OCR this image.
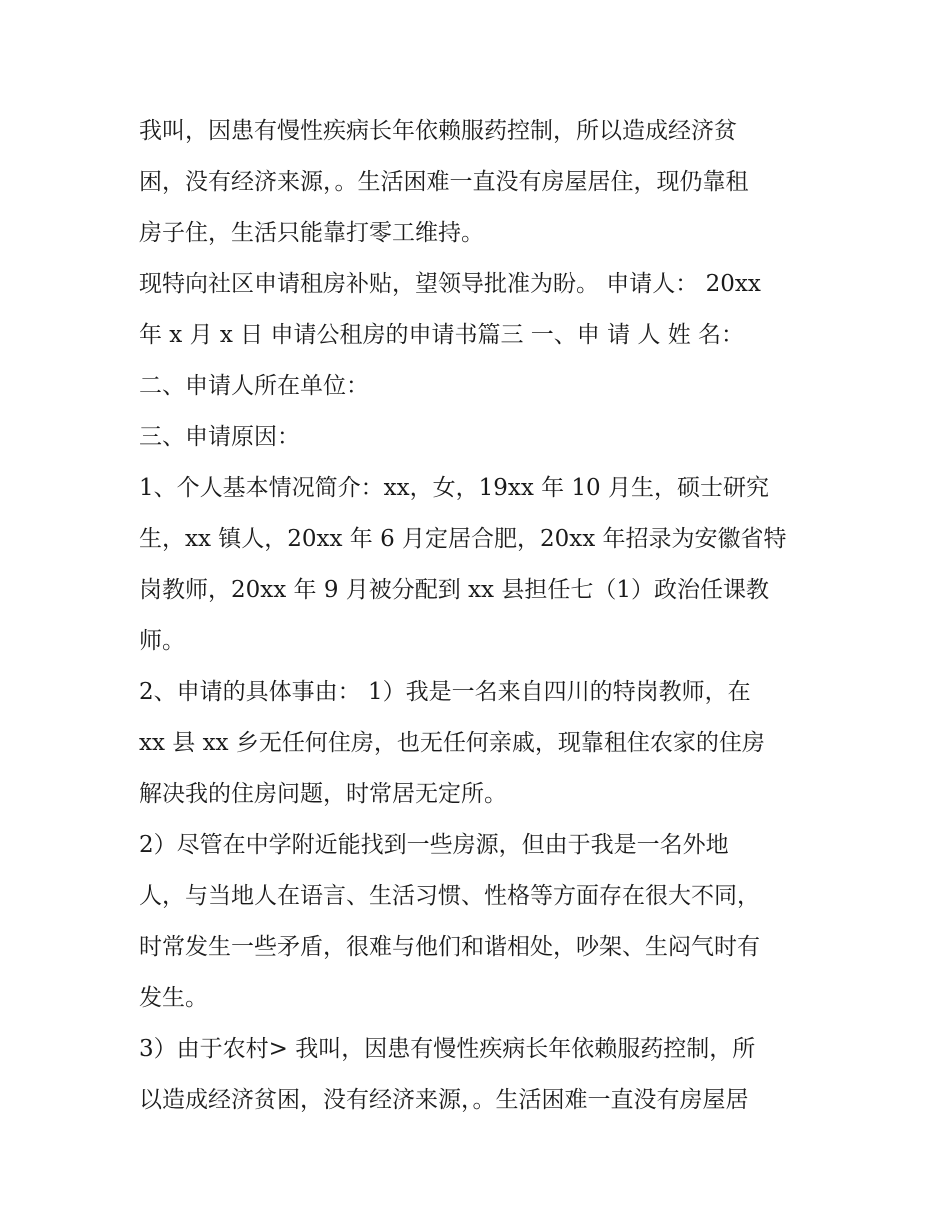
我叫，因患有慢性疾病长年依赖服药控制，所以造成经济贫
困，没有经济来源，。生活困难一直没有房屋居住，现仍靠租
房子住，生活只能靠打零工维持。
现特向社区申请租房补贴，望领导批准为盼。 申请人： 20xx
年 x 月 x 日 申请公租房的申请书篇三 一、申 请 人 姓 名：
二、申请人所在单位：
三、申请原因：
1、个人基本情况简介：xx，女，19xx 年 10 月生，硕士研究
生，xx 镇人，20xx 年 6 月定居合肥，20xx 年招录为安徽省特
岗教师，20xx 年 9 月被分配到 xx 县担任七（1）政治任课教
师。
2、申请的具体事由： 1）我是一名来自四川的特岗教师，在
xx 县 xx 乡无任何住房，也无任何亲戚，现靠租住农家的住房
解决我的住房问题，时常居无定所。
2）尽管在中学附近能找到一些房源，但由于我是一名外地
人，与当地人在语言、生活习惯、性格等方面存在很大不同，
时常发生一些矛盾，很难与他们和谐相处，吵架、生闷气时有
发生。
3）由于农村> 我叫，因患有慢性疾病长年依赖服药控制，所
以造成经济贫困，没有经济来源，。生活困难一直没有房屋居
